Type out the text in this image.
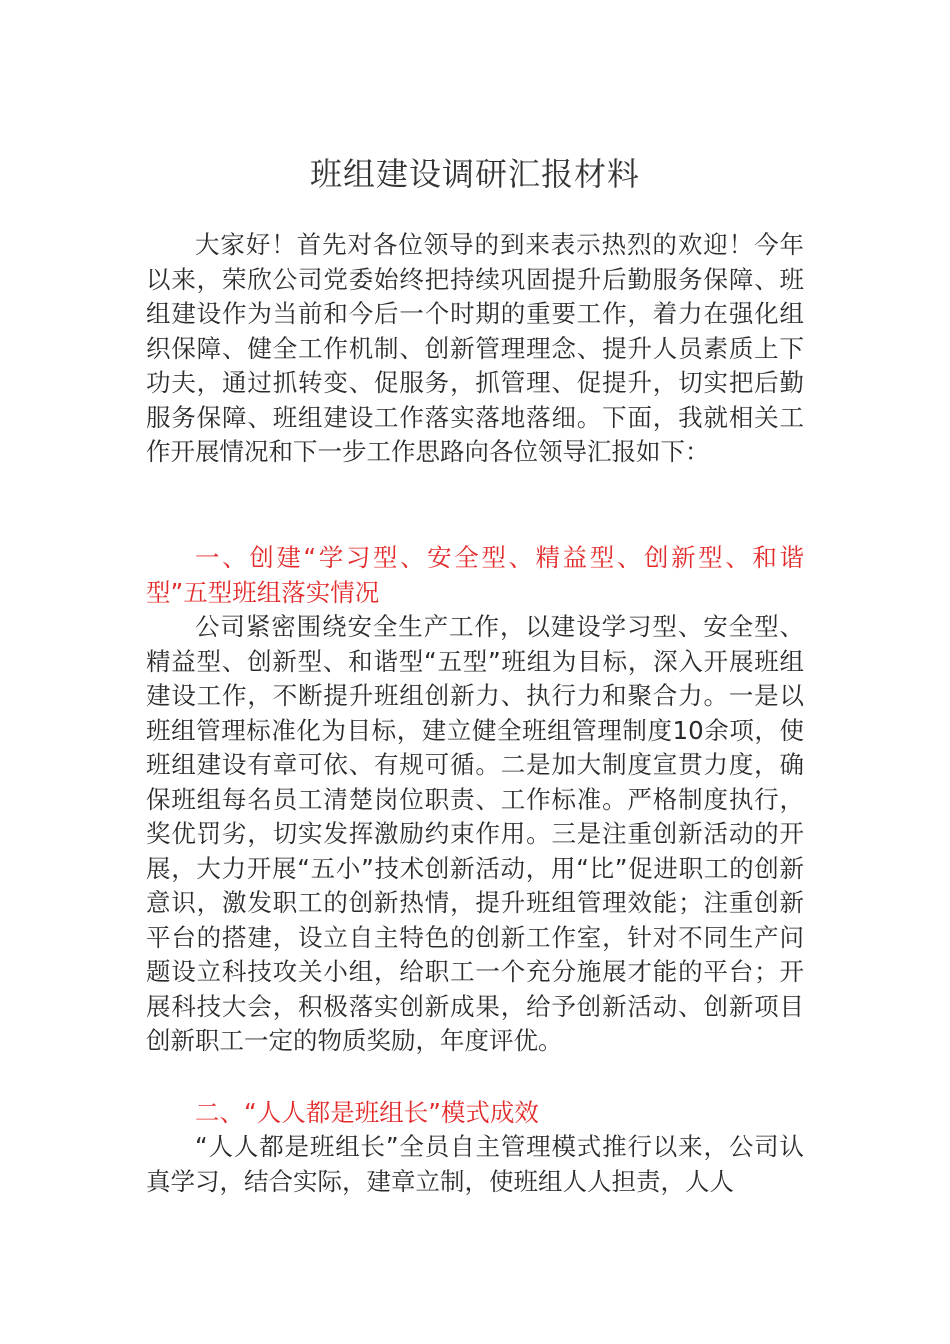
班组建设调研汇报材料

大家好！首先对各位领导的到来表示热烈的欢迎！今年以来，荣欣公司党委始终把持续巩固提升后勤服务保障、班组建设作为当前和今后一个时期的重要工作，着力在强化组织保障、健全工作机制、创新管理理念、提升人员素质上下功夫，通过抓转变、促服务，抓管理、促提升，切实把后勤服务保障、班组建设工作落实落地落细。下面，我就相关工作开展情况和下一步工作思路向各位领导汇报如下：

一、创建“学习型、安全型、精益型、创新型、和谐型”五型班组落实情况

公司紧密围绕安全生产工作，以建设学习型、安全型、精益型、创新型、和谐型“五型”班组为目标，深入开展班组建设工作，不断提升班组创新力、执行力和聚合力。一是以班组管理标准化为目标，建立健全班组管理制度10余项，使班组建设有章可依、有规可循。二是加大制度宣贯力度，确保班组每名员工清楚岗位职责、工作标准。严格制度执行，奖优罚劣，切实发挥激励约束作用。三是注重创新活动的开展，大力开展“五小”技术创新活动，用“比”促进职工的创新意识，激发职工的创新热情，提升班组管理效能；注重创新平台的搭建，设立自主特色的创新工作室，针对不同生产问题设立科技攻关小组，给职工一个充分施展才能的平台；开展科技大会，积极落实创新成果，给予创新活动、创新项目创新职工一定的物质奖励，年度评优。

二、“人人都是班组长”模式成效

“人人都是班组长”全员自主管理模式推行以来，公司认真学习，结合实际，建章立制，使班组人人担责，人人
